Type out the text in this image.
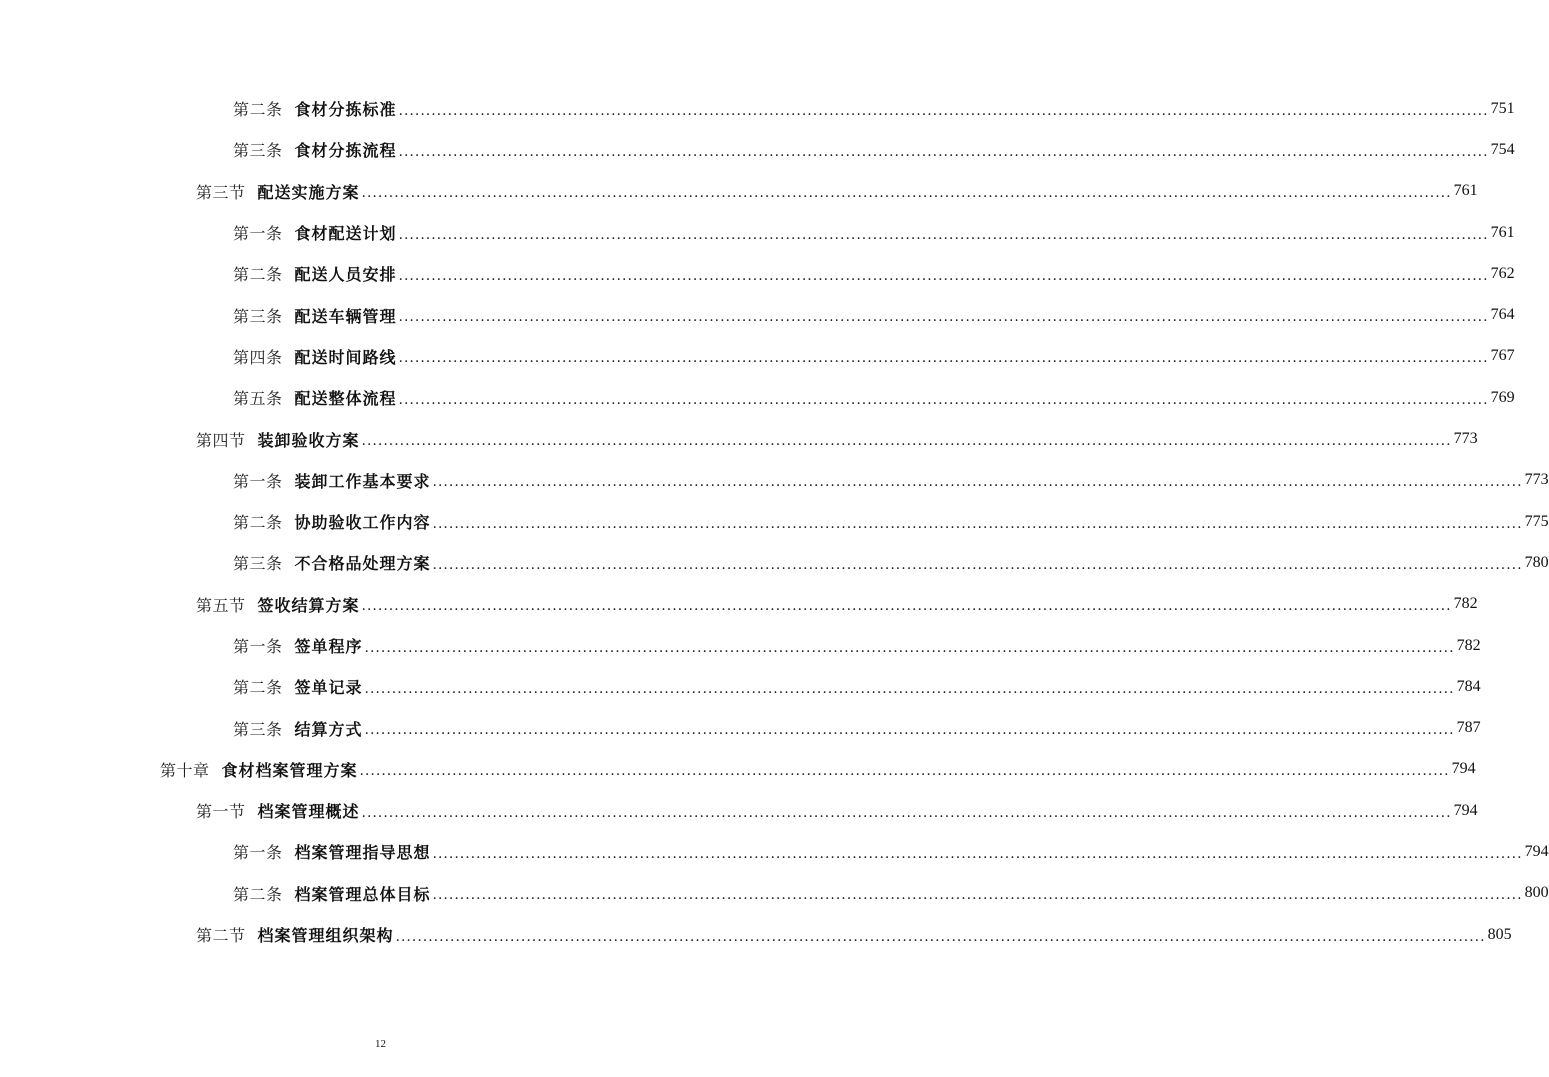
第二条 食材分拣标准 ........................................................................................................................................................................................................ 751
第三条 食材分拣流程 ........................................................................................................................................................................................................ 754
第三节 配送实施方案 ........................................................................................................................................................................................................ 761
第一条 食材配送计划 ........................................................................................................................................................................................................ 761
第二条 配送人员安排 ........................................................................................................................................................................................................ 762
第三条 配送车辆管理 ........................................................................................................................................................................................................ 764
第四条 配送时间路线 ........................................................................................................................................................................................................ 767
第五条 配送整体流程 ........................................................................................................................................................................................................ 769
第四节 装卸验收方案 ........................................................................................................................................................................................................ 773
第一条 装卸工作基本要求 ........................................................................................................................................................................................................ 773
第二条 协助验收工作内容 ........................................................................................................................................................................................................ 775
第三条 不合格品处理方案 ........................................................................................................................................................................................................ 780
第五节 签收结算方案 ........................................................................................................................................................................................................ 782
第一条 签单程序 ........................................................................................................................................................................................................ 782
第二条 签单记录 ........................................................................................................................................................................................................ 784
第三条 结算方式 ........................................................................................................................................................................................................ 787
第十章 食材档案管理方案 ........................................................................................................................................................................................................ 794
第一节 档案管理概述 ........................................................................................................................................................................................................ 794
第一条 档案管理指导思想 ........................................................................................................................................................................................................ 794
第二条 档案管理总体目标 ........................................................................................................................................................................................................ 800
第二节 档案管理组织架构 ........................................................................................................................................................................................................ 805
12
